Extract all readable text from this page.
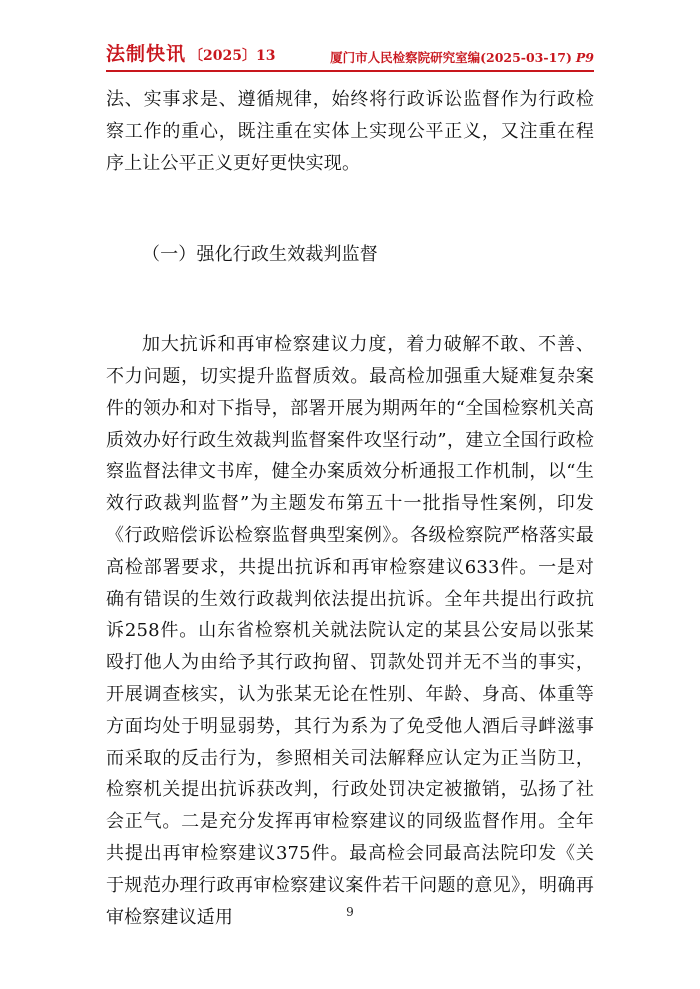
法制快讯 〔2025〕13	厦门市人民检察院研究室编(2025-03-17) P9

法、实事求是、遵循规律，始终将行政诉讼监督作为行政检察工作的重心，既注重在实体上实现公平正义，又注重在程序上让公平正义更好更快实现。

（一）强化行政生效裁判监督

加大抗诉和再审检察建议力度，着力破解不敢、不善、不力问题，切实提升监督质效。最高检加强重大疑难复杂案件的领办和对下指导，部署开展为期两年的“全国检察机关高质效办好行政生效裁判监督案件攻坚行动”，建立全国行政检察监督法律文书库，健全办案质效分析通报工作机制，以“生效行政裁判监督”为主题发布第五十一批指导性案例，印发《行政赔偿诉讼检察监督典型案例》。各级检察院严格落实最高检部署要求，共提出抗诉和再审检察建议633件。一是对确有错误的生效行政裁判依法提出抗诉。全年共提出行政抗诉258件。山东省检察机关就法院认定的某县公安局以张某殴打他人为由给予其行政拘留、罚款处罚并无不当的事实，开展调查核实，认为张某无论在性别、年龄、身高、体重等方面均处于明显弱势，其行为系为了免受他人酒后寻衅滋事而采取的反击行为，参照相关司法解释应认定为正当防卫，检察机关提出抗诉获改判，行政处罚决定被撤销，弘扬了社会正气。二是充分发挥再审检察建议的同级监督作用。全年共提出再审检察建议375件。最高检会同最高法院印发《关于规范办理行政再审检察建议案件若干问题的意见》，明确再审检察建议适用	9
